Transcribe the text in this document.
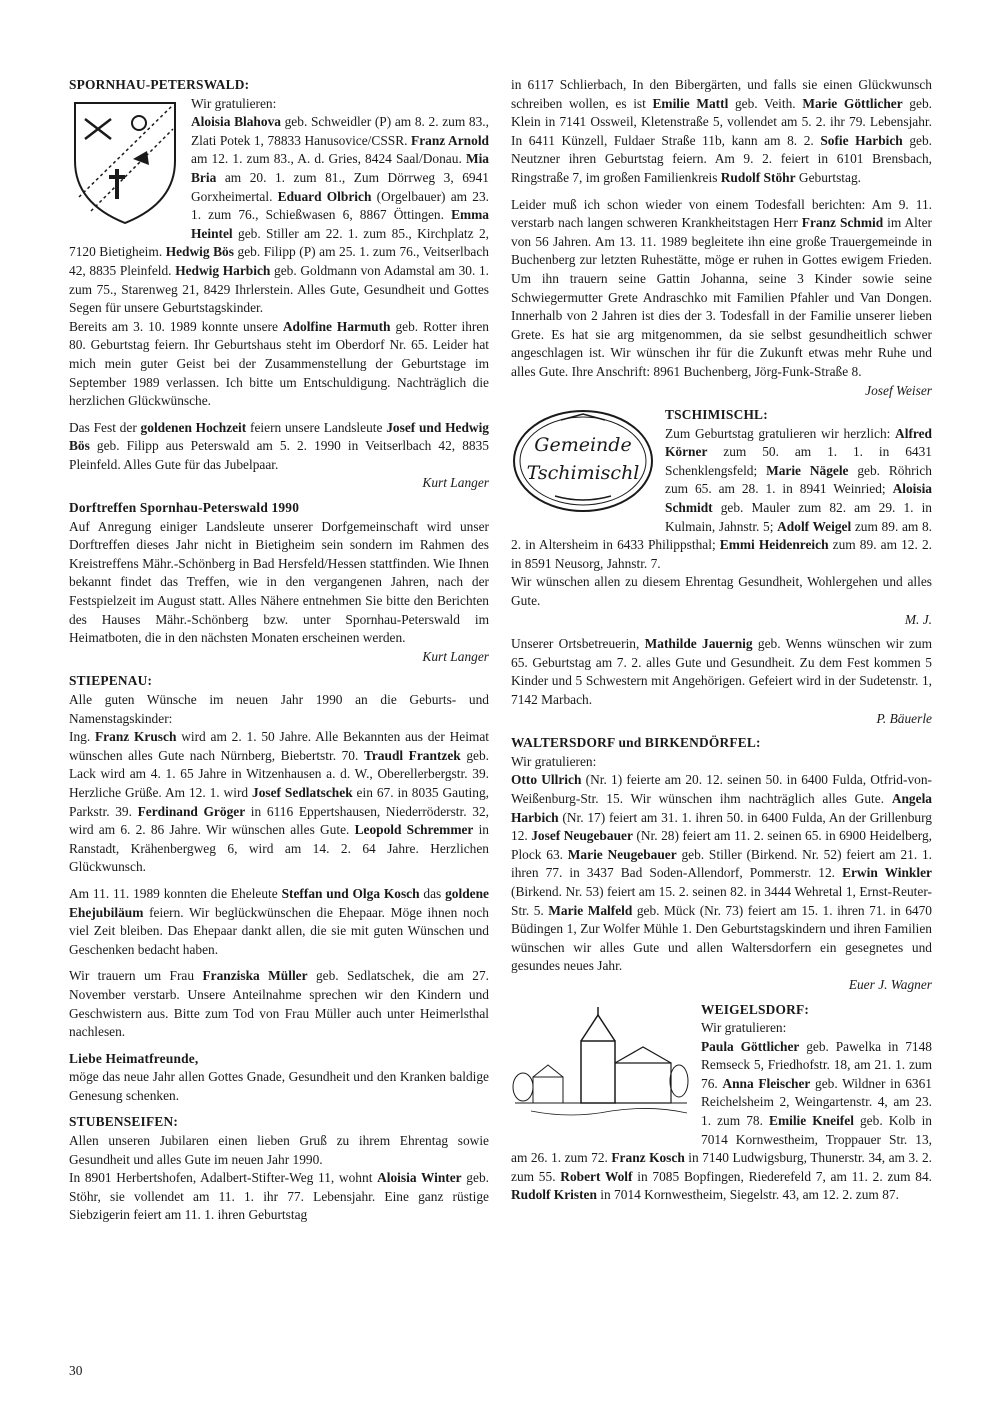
SPORNHAU-PETERSWALD:

Wir gratulieren:

Aloisia Blahova geb. Schweidler (P) am 8. 2. zum 83., Zlati Potek 1, 78833 Hanusovice/CSSR. Franz Arnold am 12. 1. zum 83., A. d. Gries, 8424 Saal/Donau. Mia Bria am 20. 1. zum 81., Zum Dörrweg 3, 6941 Gorxheimertal. Eduard Olbrich (Orgelbauer) am 23. 1. zum 76., Schießwasen 6, 8867 Öttingen. Emma Heintel geb. Stiller am 22. 1. zum 85., Kirchplatz 2, 7120 Bietigheim. Hedwig Bös geb. Filipp (P) am 25. 1. zum 76., Veitserlbach 42, 8835 Pleinfeld. Hedwig Harbich geb. Goldmann von Adamstal am 30. 1. zum 75., Starenweg 21, 8429 Ihrlerstein. Alles Gute, Gesundheit und Gottes Segen für unsere Geburtstagskinder.

Bereits am 3. 10. 1989 konnte unsere Adolfine Harmuth geb. Rotter ihren 80. Geburtstag feiern. Ihr Geburtshaus steht im Oberdorf Nr. 65. Leider hat mich mein guter Geist bei der Zusammenstellung der Geburtstage im September 1989 verlassen. Ich bitte um Entschuldigung. Nachträglich die herzlichen Glückwünsche.

Das Fest der goldenen Hochzeit feiern unsere Landsleute Josef und Hedwig Bös geb. Filipp aus Peterswald am 5. 2. 1990 in Veitserlbach 42, 8835 Pleinfeld. Alles Gute für das Jubelpaar.

Kurt Langer
Dorftreffen Spornhau-Peterswald 1990

Auf Anregung einiger Landsleute unserer Dorfgemeinschaft wird unser Dorftreffen dieses Jahr nicht in Bietigheim sein sondern im Rahmen des Kreistreffens Mähr.-Schönberg in Bad Hersfeld/Hessen stattfinden. Wie Ihnen bekannt findet das Treffen, wie in den vergangenen Jahren, nach der Festspielzeit im August statt. Alles Nähere entnehmen Sie bitte den Berichten des Hauses Mähr.-Schönberg bzw. unter Spornhau-Peterswald im Heimatboten, die in den nächsten Monaten erscheinen werden.

Kurt Langer
STIEPENAU:

Alle guten Wünsche im neuen Jahr 1990 an die Geburts- und Namenstagskinder:

Ing. Franz Krusch wird am 2. 1. 50 Jahre. Alle Bekannten aus der Heimat wünschen alles Gute nach Nürnberg, Biebertstr. 70. Traudl Frantzek geb. Lack wird am 4. 1. 65 Jahre in Witzenhausen a. d. W., Oberellerbergstr. 39. Herzliche Grüße. Am 12. 1. wird Josef Sedlatschek ein 67. in 8035 Gauting, Parkstr. 39. Ferdinand Gröger in 6116 Eppertshausen, Niederröderstr. 32, wird am 6. 2. 86 Jahre. Wir wünschen alles Gute. Leopold Schremmer in Ranstadt, Krähenbergweg 6, wird am 14. 2. 64 Jahre. Herzlichen Glückwunsch.

Am 11. 11. 1989 konnten die Eheleute Steffan und Olga Kosch das goldene Ehejubiläum feiern. Wir beglückwünschen die Ehepaar. Möge ihnen noch viel Zeit bleiben. Das Ehepaar dankt allen, die sie mit guten Wünschen und Geschenken bedacht haben.

Wir trauern um Frau Franziska Müller geb. Sedlatschek, die am 27. November verstarb. Unsere Anteilnahme sprechen wir den Kindern und Geschwistern aus. Bitte zum Tod von Frau Müller auch unter Heimerlsthal nachlesen.

Liebe Heimatfreunde,

möge das neue Jahr allen Gottes Gnade, Gesundheit und den Kranken baldige Genesung schenken.

STUBENSEIFEN:

Allen unseren Jubilaren einen lieben Gruß zu ihrem Ehrentag sowie Gesundheit und alles Gute im neuen Jahr 1990.

In 8901 Herbertshofen, Adalbert-Stifter-Weg 11, wohnt Aloisia Winter geb. Stöhr, sie vollendet am 11. 1. ihr 77. Lebensjahr. Eine ganz rüstige Siebzigerin feiert am 11. 1. ihren Geburtstag

in 6117 Schlierbach, In den Bibergärten, und falls sie einen Glückwunsch schreiben wollen, es ist Emilie Mattl geb. Veith. Marie Göttlicher geb. Klein in 7141 Ossweil, Kletenstraße 5, vollendet am 5. 2. ihr 79. Lebensjahr. In 6411 Künzell, Fuldaer Straße 11b, kann am 8. 2. Sofie Harbich geb. Neutzner ihren Geburtstag feiern. Am 9. 2. feiert in 6101 Brensbach, Ringstraße 7, im großen Familienkreis Rudolf Stöhr Geburtstag.

Leider muß ich schon wieder von einem Todesfall berichten: Am 9. 11. verstarb nach langen schweren Krankheitstagen Herr Franz Schmid im Alter von 56 Jahren. Am 13. 11. 1989 begleitete ihn eine große Trauergemeinde in Buchenberg zur letzten Ruhestätte, möge er ruhen in Gottes ewigem Frieden. Um ihn trauern seine Gattin Johanna, seine 3 Kinder sowie seine Schwiegermutter Grete Andraschko mit Familien Pfahler und Van Dongen. Innerhalb von 2 Jahren ist dies der 3. Todesfall in der Familie unserer lieben Grete. Es hat sie arg mitgenommen, da sie selbst gesundheitlich schwer angeschlagen ist. Wir wünschen ihr für die Zukunft etwas mehr Ruhe und alles Gute. Ihre Anschrift: 8961 Buchenberg, Jörg-Funk-Straße 8.

Josef Weiser
Gemeinde
Tschimischl
TSCHIMISCHL:

Zum Geburtstag gratulieren wir herzlich: Alfred Körner zum 50. am 1. 1. in 6431 Schenklengsfeld; Marie Nägele geb. Röhrich zum 65. am 28. 1. in 8941 Weinried; Aloisia Schmidt geb. Mauler zum 82. am 29. 1. in Kulmain, Jahnstr. 5; Adolf Weigel zum 89. am 8. 2. in Altersheim in 6433 Philippsthal; Emmi Heidenreich zum 89. am 12. 2. in 8591 Neusorg, Jahnstr. 7.

Wir wünschen allen zu diesem Ehrentag Gesundheit, Wohlergehen und alles Gute.

M. J.

Unserer Ortsbetreuerin, Mathilde Jauernig geb. Wenns wünschen wir zum 65. Geburtstag am 7. 2. alles Gute und Gesundheit. Zu dem Fest kommen 5 Kinder und 5 Schwestern mit Angehörigen. Gefeiert wird in der Sudetenstr. 1, 7142 Marbach.

P. Bäuerle
WALTERSDORF und BIRKENDÖRFEL:

Wir gratulieren:

Otto Ullrich (Nr. 1) feierte am 20. 12. seinen 50. in 6400 Fulda, Otfrid-von-Weißenburg-Str. 15. Wir wünschen ihm nachträglich alles Gute. Angela Harbich (Nr. 17) feiert am 31. 1. ihren 50. in 6400 Fulda, An der Grillenburg 12. Josef Neugebauer (Nr. 28) feiert am 11. 2. seinen 65. in 6900 Heidelberg, Plock 63. Marie Neugebauer geb. Stiller (Birkend. Nr. 52) feiert am 21. 1. ihren 77. in 3437 Bad Soden-Allendorf, Pommerstr. 12. Erwin Winkler (Birkend. Nr. 53) feiert am 15. 2. seinen 82. in 3444 Wehretal 1, Ernst-Reuter-Str. 5. Marie Malfeld geb. Mück (Nr. 73) feiert am 15. 1. ihren 71. in 6470 Büdingen 1, Zur Wolfer Mühle 1. Den Geburtstagskindern und ihren Familien wünschen wir alles Gute und allen Waltersdorfern ein gesegnetes und gesundes neues Jahr.

Euer J. Wagner
WEIGELSDORF:

Wir gratulieren:

Paula Göttlicher geb. Pawelka in 7148 Remseck 5, Friedhofstr. 18, am 21. 1. zum 76. Anna Fleischer geb. Wildner in 6361 Reichelsheim 2, Weingartenstr. 4, am 23. 1. zum 78. Emilie Kneifel geb. Kolb in 7014 Kornwestheim, Troppauer Str. 13, am 26. 1. zum 72. Franz Kosch in 7140 Ludwigsburg, Thunerstr. 34, am 3. 2. zum 55. Robert Wolf in 7085 Bopfingen, Riederefeld 7, am 11. 2. zum 84. Rudolf Kristen in 7014 Kornwestheim, Siegelstr. 43, am 12. 2. zum 87.

30
